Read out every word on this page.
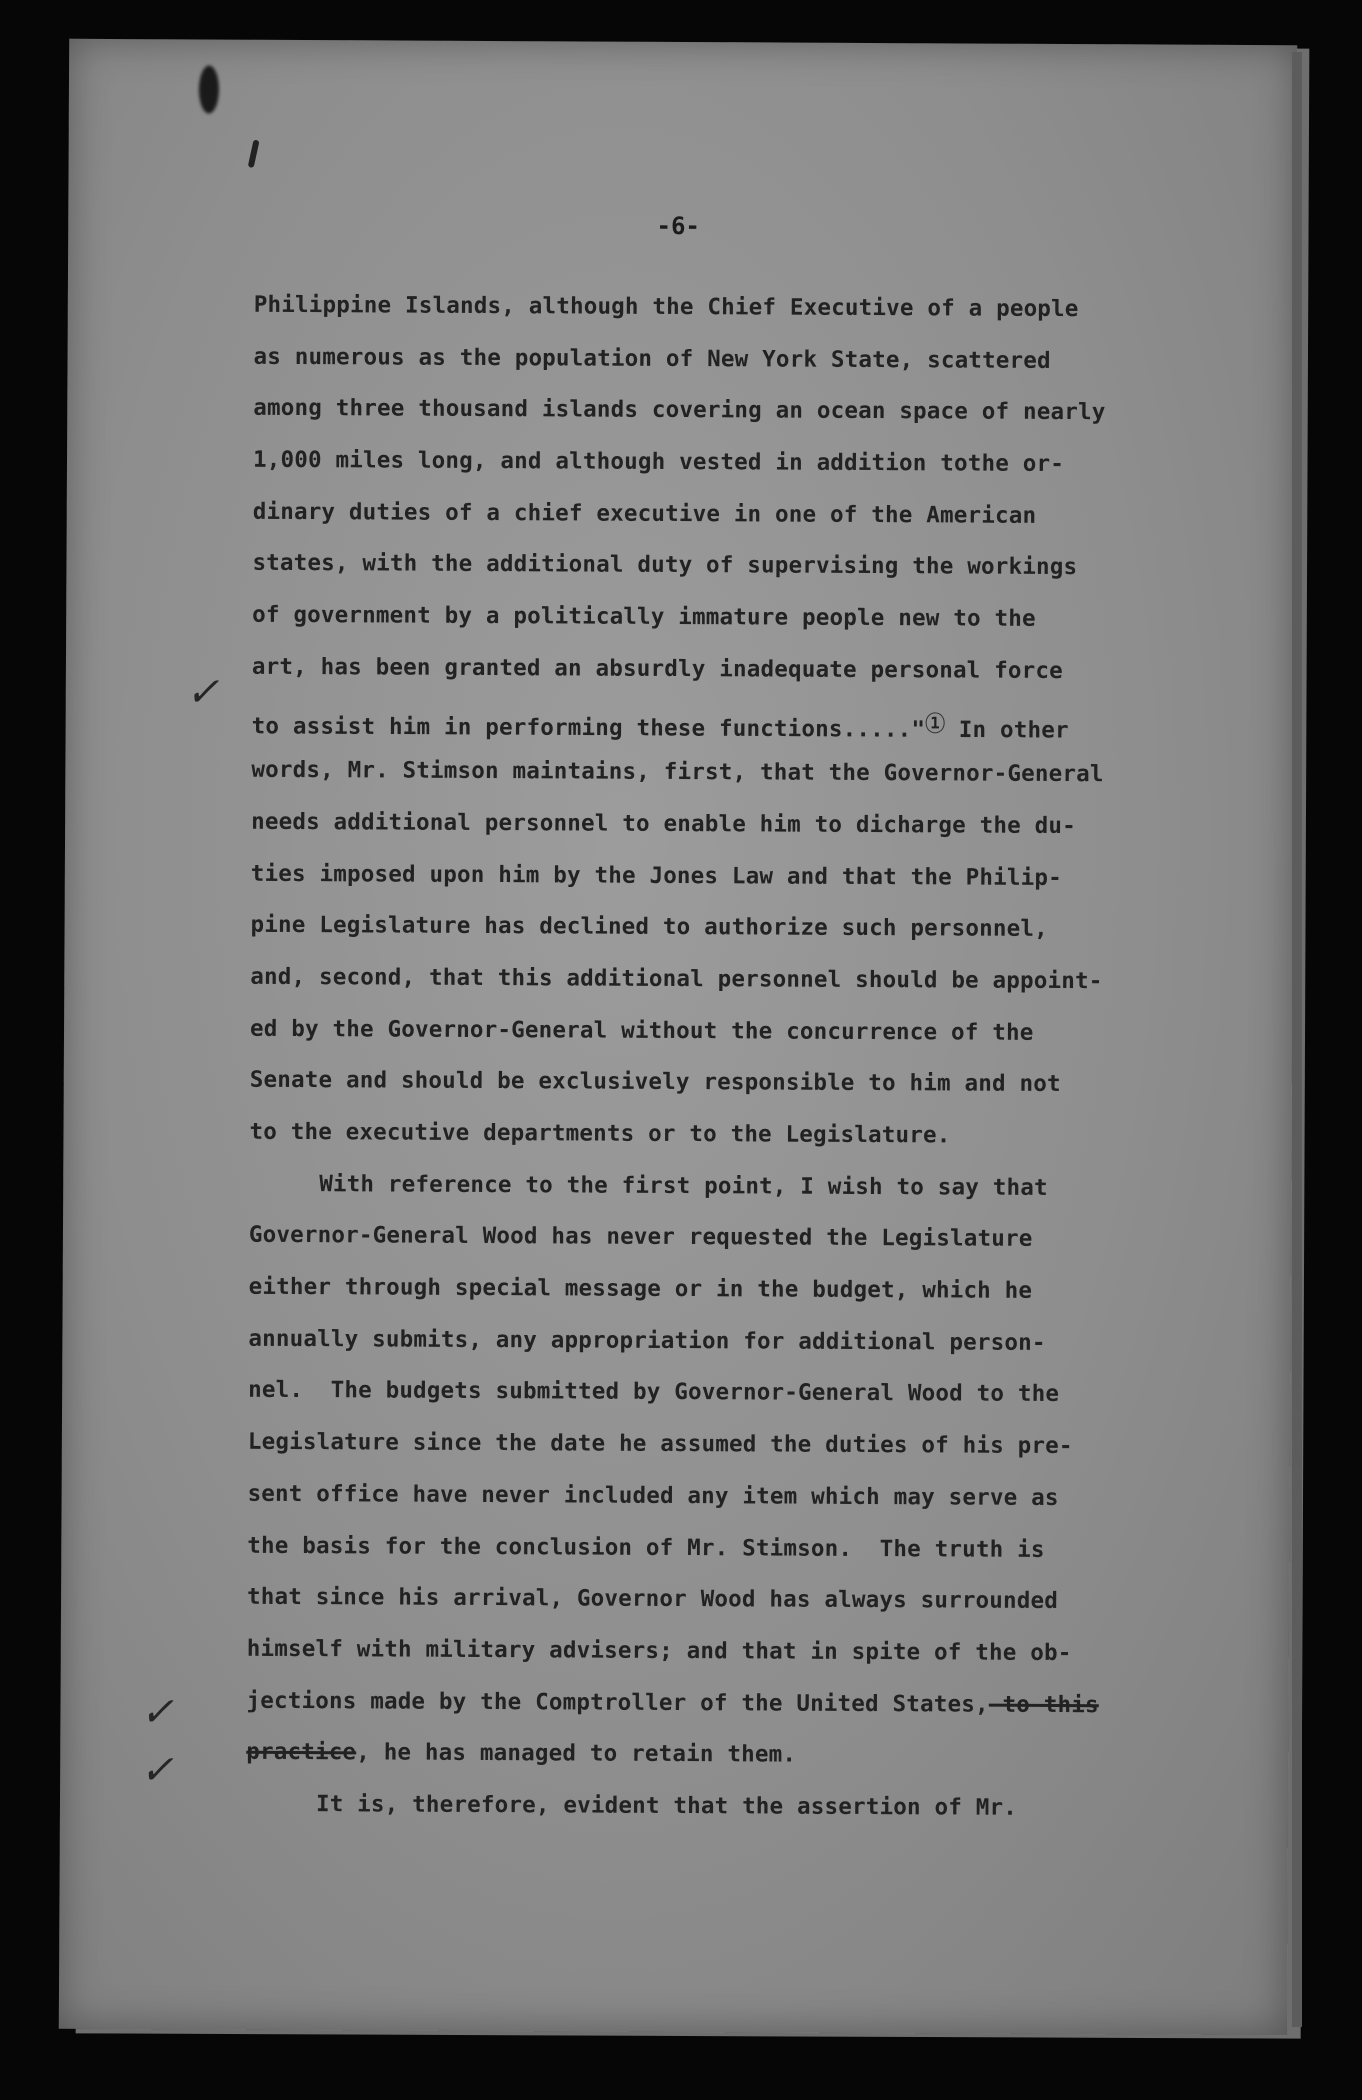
-6-
Philippine Islands, although the Chief Executive of a people
as numerous as the population of New York State, scattered
among three thousand islands covering an ocean space of nearly
1,000 miles long, and although vested in addition tothe or-
dinary duties of a chief executive in one of the American
states, with the additional duty of supervising the workings
of government by a politically immature people new to the
art, has been granted an absurdly inadequate personal force
to assist him in performing these functions....." $^1$ In other
words, Mr. Stimson maintains, first, that the Governor-General
needs additional personnel to enable him to dicharge the du-
ties imposed upon him by the Jones Law and that the Philip-
pine Legislature has declined to authorize such personnel,
and, second, that this additional personnel should be appoint-
ed by the Governor-General without the concurrence of the
Senate and should be exclusively responsible to him and not
to the executive departments or to the Legislature.
With reference to the first point, I wish to say that
Governor-General Wood has never requested the Legislature
either through special message or in the budget, which he
annually submits, any appropriation for additional person-
nel.  The budgets submitted by Governor-General Wood to the
Legislature since the date he assumed the duties of his pre-
sent office have never included any item which may serve as
the basis for the conclusion of Mr. Stimson.  The truth is
that since his arrival, Governor Wood has always surrounded
himself with military advisers; and that in spite of the ob-
jections made by the Comptroller of the United States, to this
practice, he has managed to retain them.
It is, therefore, evident that the assertion of Mr.
✓
✓
✓
